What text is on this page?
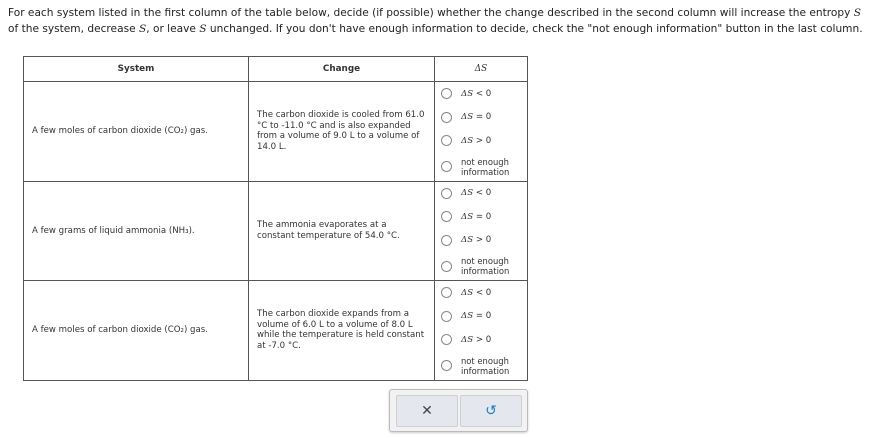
For each system listed in the first column of the table below, decide (if possible) whether the change described in the second column will increase the entropy S of the system, decrease S, or leave S unchanged. If you don't have enough information to decide, check the "not enough information" button in the last column.
System	Change	ΔS
A few moles of carbon dioxide (CO₂) gas.	The carbon dioxide is cooled from 61.0 °C to -11.0 °C and is also expanded from a volume of 9.0 L to a volume of 14.0 L.	ΔS < 0
ΔS = 0
ΔS > 0
not enough
information

A few grams of liquid ammonia (NH₃).	The ammonia evaporates at a constant temperature of 54.0 °C.	ΔS < 0
ΔS = 0
ΔS > 0
not enough
information

A few moles of carbon dioxide (CO₂) gas.	The carbon dioxide expands from a volume of 6.0 L to a volume of 8.0 L while the temperature is held constant at -7.0 °C.	ΔS < 0
ΔS = 0
ΔS > 0
not enough
information
✕	↺
